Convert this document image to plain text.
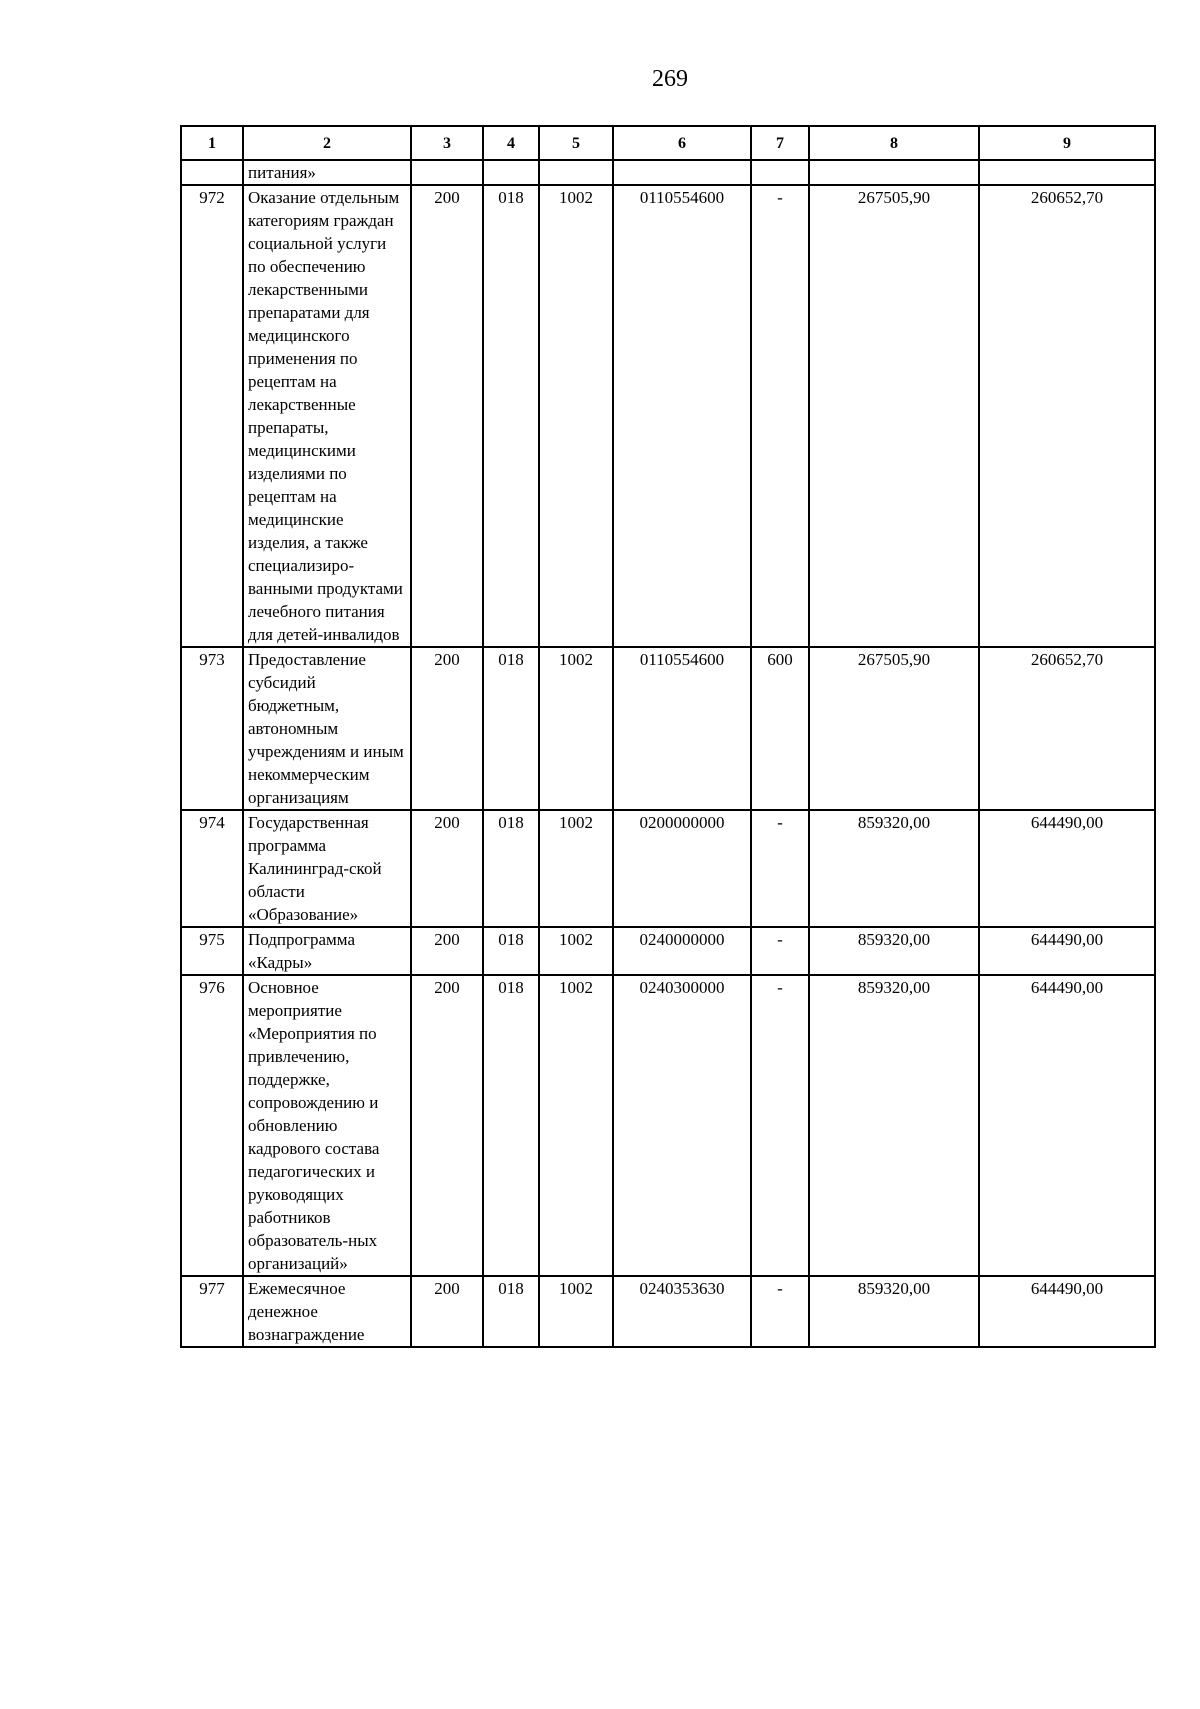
269
1	2	3	4	5	6	7	8	9
	питания»							
972	Оказание отдельным категориям граждан социальной услуги по обеспечению лекарственными препаратами для медицинского применения по рецептам на лекарственные препараты, медицинскими изделиями по рецептам на медицинские изделия, а также специализиро-ванными продуктами лечебного питания для детей-инвалидов	200	018	1002	0110554600	-	267505,90	260652,70
973	Предоставление субсидий бюджетным, автономным учреждениям и иным некоммерческим организациям	200	018	1002	0110554600	600	267505,90	260652,70
974	Государственная программа Калининград-ской области «Образование»	200	018	1002	0200000000	-	859320,00	644490,00
975	Подпрограмма «Кадры»	200	018	1002	0240000000	-	859320,00	644490,00
976	Основное мероприятие «Мероприятия по привлечению, поддержке, сопровождению и обновлению кадрового состава педагогических и руководящих работников образователь-ных организаций»	200	018	1002	0240300000	-	859320,00	644490,00
977	Ежемесячное денежное вознаграждение	200	018	1002	0240353630	-	859320,00	644490,00
